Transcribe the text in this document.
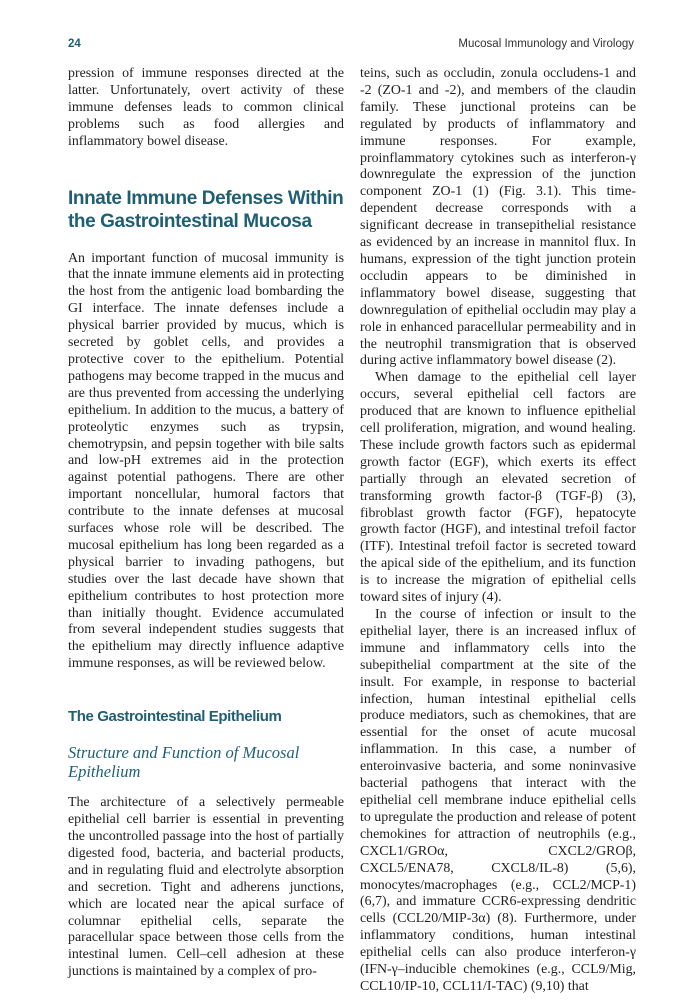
24	Mucosal Immunology and Virology

pression of immune responses directed at the latter. Unfortunately, overt activity of these immune defenses leads to common clinical problems such as food allergies and inflammatory bowel disease.

Innate Immune Defenses Within the Gastrointestinal Mucosa

An important function of mucosal immunity is that the innate immune elements aid in protecting the host from the antigenic load bombarding the GI interface. The innate defenses include a physical barrier provided by mucus, which is secreted by goblet cells, and provides a protective cover to the epithelium. Potential pathogens may become trapped in the mucus and are thus prevented from accessing the underlying epithelium. In addition to the mucus, a battery of proteolytic enzymes such as trypsin, chemotrypsin, and pepsin together with bile salts and low-pH extremes aid in the protection against potential pathogens. There are other important noncellular, humoral factors that contribute to the innate defenses at mucosal surfaces whose role will be described. The mucosal epithelium has long been regarded as a physical barrier to invading pathogens, but studies over the last decade have shown that epithelium contributes to host protection more than initially thought. Evidence accumulated from several independent studies suggests that the epithelium may directly influence adaptive immune responses, as will be reviewed below.

The Gastrointestinal Epithelium
Structure and Function of Mucosal Epithelium

The architecture of a selectively permeable epithelial cell barrier is essential in preventing the uncontrolled passage into the host of partially digested food, bacteria, and bacterial products, and in regulating fluid and electrolyte absorption and secretion. Tight and adherens junctions, which are located near the apical surface of columnar epithelial cells, separate the paracellular space between those cells from the intestinal lumen. Cell–cell adhesion at these junctions is maintained by a complex of pro-

teins, such as occludin, zonula occludens-1 and -2 (ZO-1 and -2), and members of the claudin family. These junctional proteins can be regulated by products of inflammatory and immune responses. For example, proinflammatory cytokines such as interferon-γ downregulate the expression of the junction component ZO-1 (1) (Fig. 3.1). This time-dependent decrease corresponds with a significant decrease in transepithelial resistance as evidenced by an increase in mannitol flux. In humans, expression of the tight junction protein occludin appears to be diminished in inflammatory bowel disease, suggesting that downregulation of epithelial occludin may play a role in enhanced paracellular permeability and in the neutrophil transmigration that is observed during active inflammatory bowel disease (2).

When damage to the epithelial cell layer occurs, several epithelial cell factors are produced that are known to influence epithelial cell proliferation, migration, and wound healing. These include growth factors such as epidermal growth factor (EGF), which exerts its effect partially through an elevated secretion of transforming growth factor-β (TGF-β) (3), fibroblast growth factor (FGF), hepatocyte growth factor (HGF), and intestinal trefoil factor (ITF). Intestinal trefoil factor is secreted toward the apical side of the epithelium, and its function is to increase the migration of epithelial cells toward sites of injury (4).

In the course of infection or insult to the epithelial layer, there is an increased influx of immune and inflammatory cells into the subepithelial compartment at the site of the insult. For example, in response to bacterial infection, human intestinal epithelial cells produce mediators, such as chemokines, that are essential for the onset of acute mucosal inflammation. In this case, a number of enteroinvasive bacteria, and some noninvasive bacterial pathogens that interact with the epithelial cell membrane induce epithelial cells to upregulate the production and release of potent chemokines for attraction of neutrophils (e.g., CXCL1/GROα, CXCL2/GROβ, CXCL5/ENA78, CXCL8/IL-8) (5,6), monocytes/macrophages (e.g., CCL2/MCP-1) (6,7), and immature CCR6-expressing dendritic cells (CCL20/MIP-3α) (8). Furthermore, under inflammatory conditions, human intestinal epithelial cells can also produce interferon-γ (IFN-γ–inducible chemokines (e.g., CCL9/Mig, CCL10/IP-10, CCL11/I-TAC) (9,10) that
